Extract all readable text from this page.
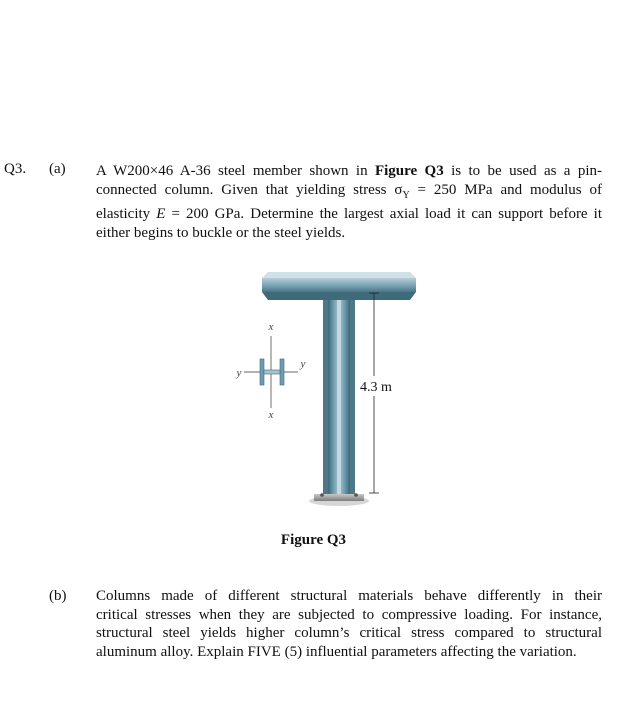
Q3. (a) A W200×46 A-36 steel member shown in Figure Q3 is to be used as a pin-
connected column. Given that yielding stress $\sigma_Y = 250$ MPa and modulus of
elasticity E = 200 GPa. Determine the largest axial load it can support before it
either begins to buckle or the steel yields.
4.3 m
x
x
y
y
Figure Q3
(b) Columns made of different structural materials behave differently in their
critical stresses when they are subjected to compressive loading. For instance,
structural steel yields higher column’s critical stress compared to structural
aluminum alloy. Explain FIVE (5) influential parameters affecting the variation.
